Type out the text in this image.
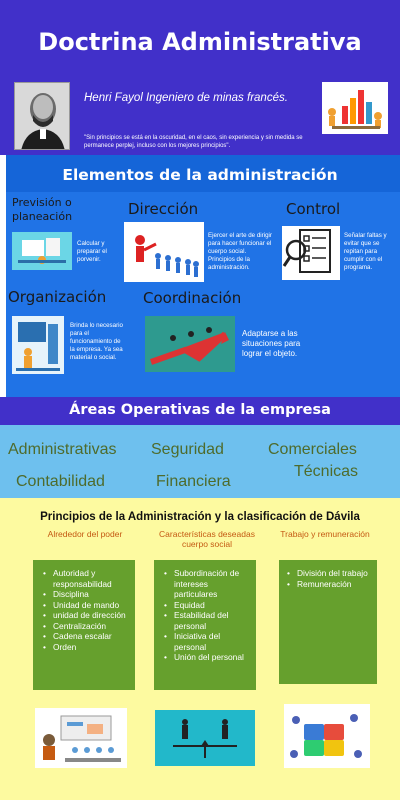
Doctrina Administrativa
Henri Fayol Ingeniero de minas francés.
"Sin principios se está en la oscuridad, en el caos, sin experiencia y sin medida se permanece perplej, incluso con los mejores principios".
Elementos de la administración
Previsión o planeación
Calcular y preparar el porvenir.
Dirección
Ejercer el arte de dirigir para hacer funcionar el cuerpo social. Principios de la administración.
Control
Señalar faltas y evitar que se repitan para cumplir con el programa.
Organización
Brinda lo necesario para el funcionamiento de la empresa. Ya sea material o social.
Coordinación
Adaptarse a las situaciones para lograr el objeto.
Áreas Operativas de la empresa
Administrativas Seguridad	Comerciales
Técnicas
Contabilidad	Financiera
Principios de la Administración y la clasificación de Dávila
Alrededor del poder	Características deseadas cuerpo social
Trabajo y remuneración
• Autoridad y responsabilidad
• Disciplina
• Unidad de mando
• unidad de dirección
• Centralización
• Cadena escalar
• Orden
• Subordinación de intereses particulares
• Equidad
• Estabilidad del personal
• Iniciativa del personal
• Unión del personal
• División del trabajo
• Remuneración
